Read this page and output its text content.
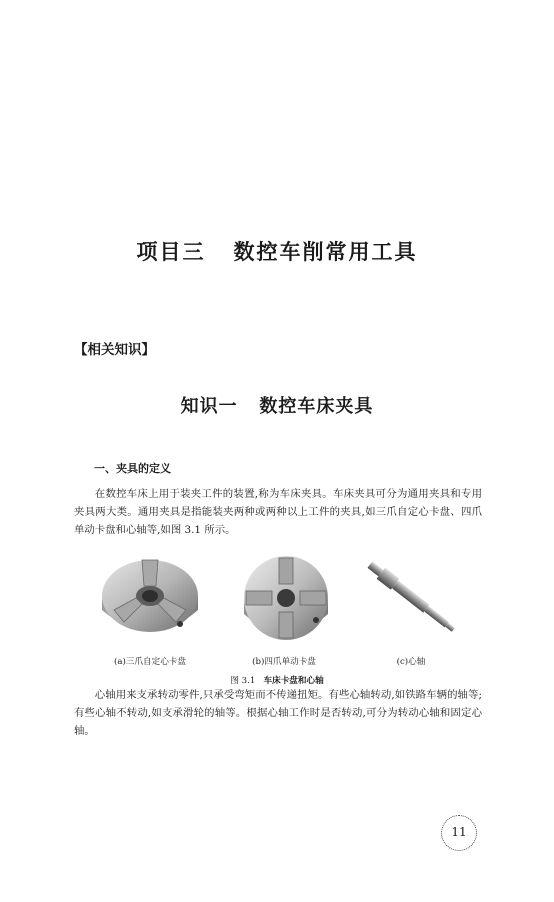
项目三 数控车削常用工具
【相关知识】
知识一 数控车床夹具
一、夹具的定义

在数控车床上用于装夹工件的装置,称为车床夹具。车床夹具可分为通用夹具和专用夹具两大类。通用夹具是指能装夹两种或两种以上工件的夹具,如三爪自定心卡盘、四爪单动卡盘和心轴等,如图 3.1 所示。

(a)三爪自定心卡盘	(b)四爪单动卡盘	(c)心轴
图 3.1 车床卡盘和心轴

心轴用来支承转动零件,只承受弯矩而不传递扭矩。有些心轴转动,如铁路车辆的轴等;有些心轴不转动,如支承滑轮的轴等。根据心轴工作时是否转动,可分为转动心轴和固定心轴。

11
